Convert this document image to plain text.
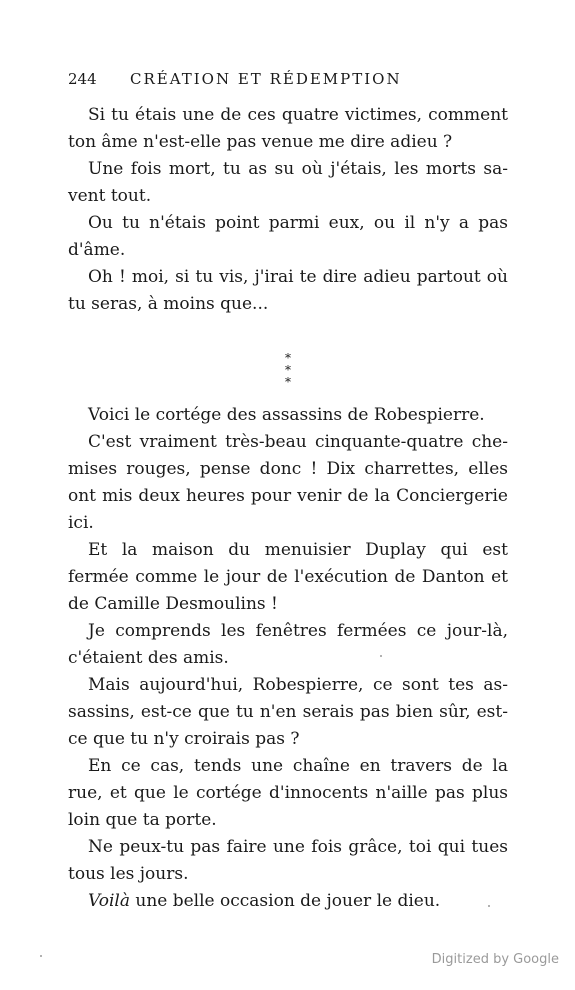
244 CRÉATION ET RÉDEMPTION

Si tu étais une de ces quatre victimes, comment ton âme n'est-elle pas venue me dire adieu ?

Une fois mort, tu as su où j'étais, les morts savent tout.

Ou tu n'étais point parmi eux, ou il n'y a pas d'âme.

Oh ! moi, si tu vis, j'irai te dire adieu partout où tu seras, à moins que...

*
* *

Voici le cortége des assassins de Robespierre.

C'est vraiment très-beau cinquante-quatre chemises rouges, pense donc ! Dix charrettes, elles ont mis deux heures pour venir de la Conciergerie ici.

Et la maison du menuisier Duplay qui est fermée comme le jour de l'exécution de Danton et de Camille Desmoulins !

Je comprends les fenêtres fermées ce jour-là, c'étaient des amis.

Mais aujourd'hui, Robespierre, ce sont tes assassins, est-ce que tu n'en serais pas bien sûr, est-ce que tu n'y croirais pas ?

En ce cas, tends une chaîne en travers de la rue, et que le cortége d'innocents n'aille pas plus loin que ta porte.

Ne peux-tu pas faire une fois grâce, toi qui tues tous les jours.

Voilà une belle occasion de jouer le dieu.

Digitized by Google
